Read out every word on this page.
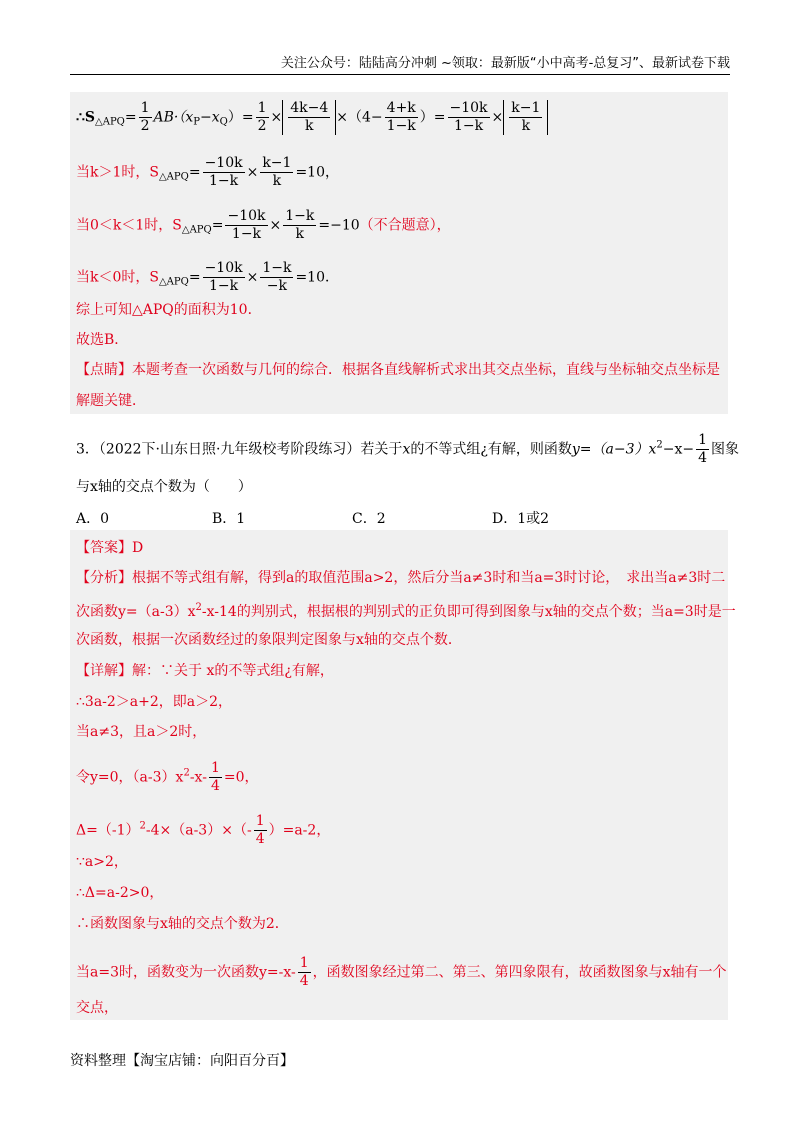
关注公众号：陆陆高分冲刺 ~领取：最新版“小中高考-总复习”、最新试卷下载
$\therefore S_{\triangle APQ}= \frac{1}{2} AB\cdot(x_P-x_Q)= \frac{1}{2} \times \frac{4k-4}{k} \times(4- \frac{4+k}{1-k}$ ）= $\frac{-10k}{1-k} \times \frac{k-1}{k}$
当k＞1时，$S_{\triangle APQ}= \frac{-10k}{1-k} \times \frac{k-1}{k} =10$，
当0＜k＜1时，$S_{\triangle APQ}= \frac{-10k}{1-k} \times \frac{1-k}{k} =-10$（不合题意），
当k＜0时，$S_{\triangle APQ}= \frac{-10k}{1-k} \times \frac{1-k}{-k} =10$．
综上可知△APQ的面积为10．
故选B．
【点睛】本题考查一次函数与几何的综合．根据各直线解析式求出其交点坐标，直线与坐标轴交点坐标是
解题关键．
3．（2022下·山东日照·九年级校考阶段练习）若关于x的不等式组¿有解，则函数$y=(a-3)x^2-x- \frac{1}{4}$ 图象
与x轴的交点个数为（　　）
A．0	B．1	C．2	D．1或2
【答案】D
【分析】根据不等式组有解，得到a的取值范围a>2，然后分当a≠3时和当a=3时讨论，　求出当a≠3时二
次函数$y=(a-3)x^2-x-14$的判别式，根据根的判别式的正负即可得到图象与x轴的交点个数；当a=3时是一
次函数，根据一次函数经过的象限判定图象与x轴的交点个数．
【详解】解：∵关于 x的不等式组¿有解，
∴3a-2＞a+2，即a＞2，
当a≠3，且a＞2时，
令y=0，$(a-3)x^2-x- \frac{1}{4} =0$，
$\Delta=(-1)^2-4\times(a-3)\times(- \frac{1}{4} )=a-2$，
∵a>2，
∴Δ=a-2>0，
∴函数图象与x轴的交点个数为2．
当a=3时，函数变为一次函数$y=-x- \frac{1}{4}$ ，函数图象经过第二、第三、第四象限有，故函数图象与x轴有一个
交点，
资料整理【淘宝店铺：向阳百分百】
